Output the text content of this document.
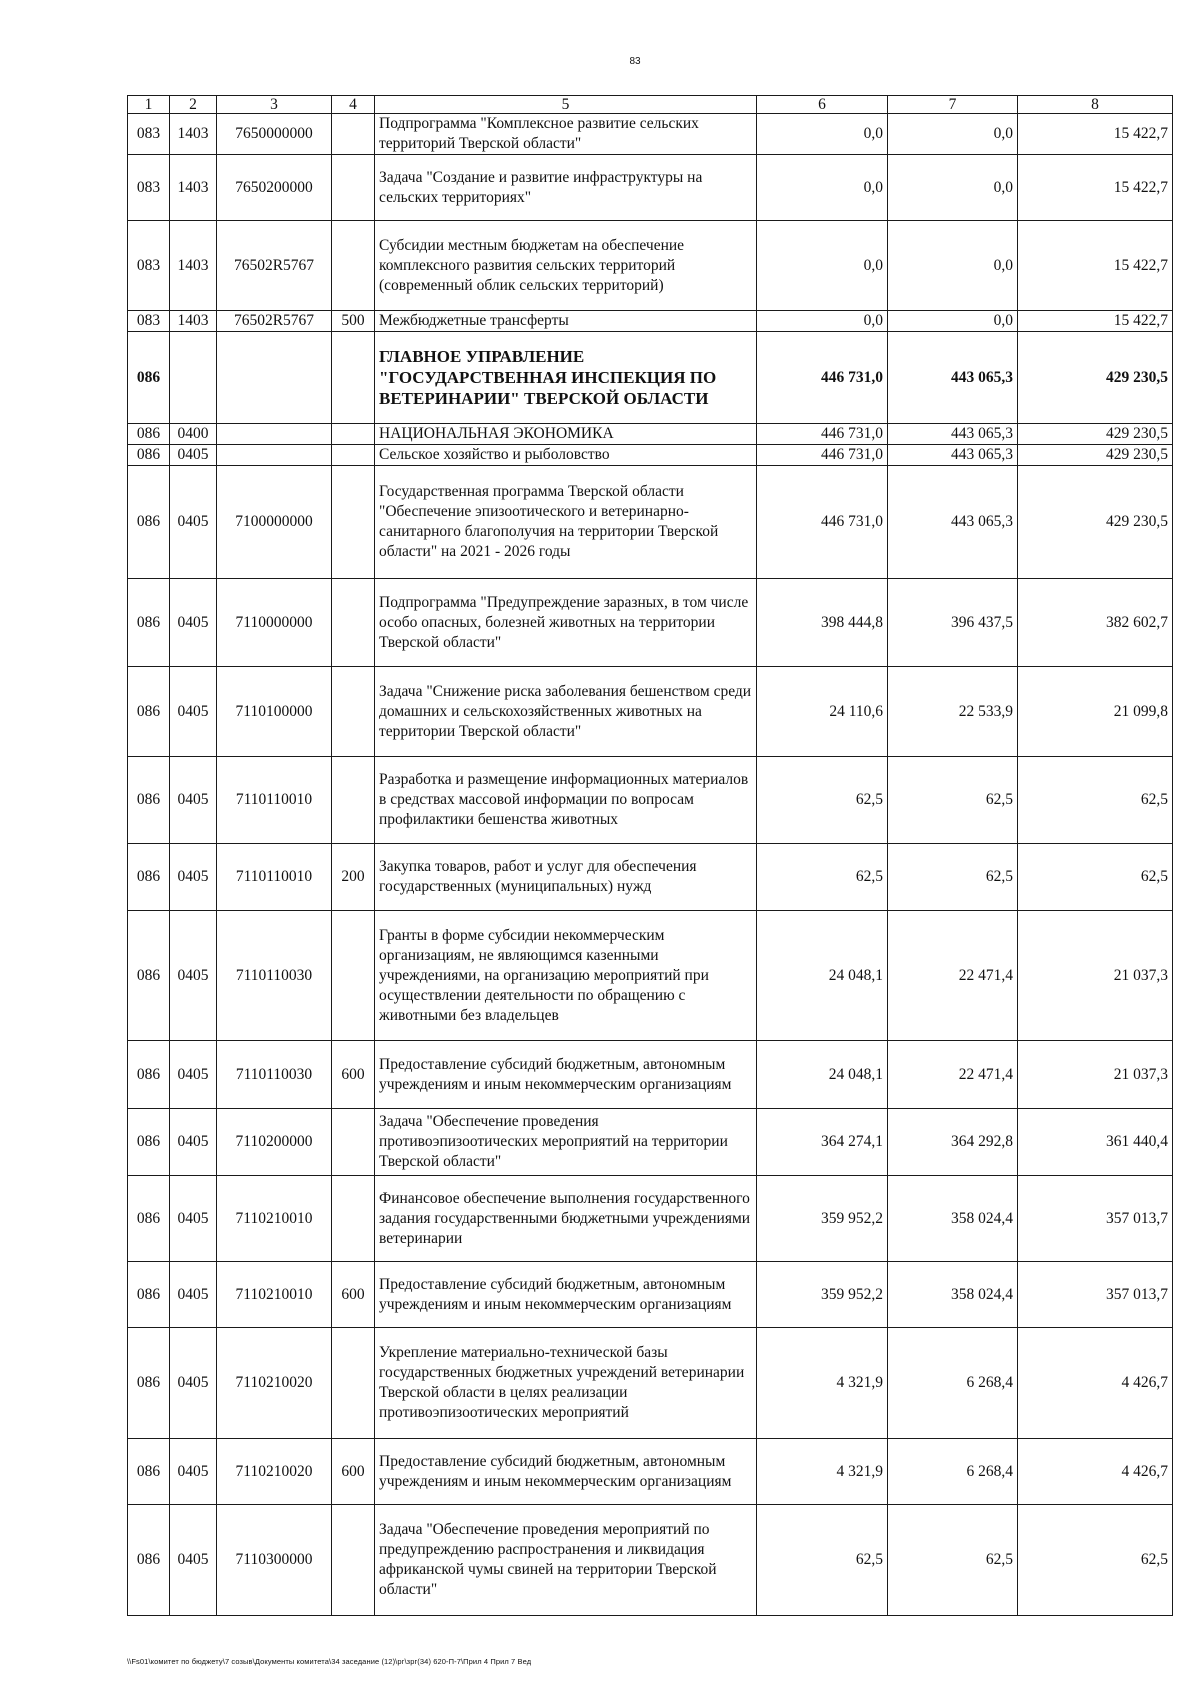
83
1	2	3	4	5	6	7	8
083	1403	7650000000		Подпрограмма "Комплексное развитие сельских территорий Тверской области"	0,0	0,0	15 422,7
083	1403	7650200000		Задача "Создание и развитие инфраструктуры на сельских территориях"	0,0	0,0	15 422,7
083	1403	76502R5767		Субсидии местным бюджетам на обеспечение комплексного развития сельских территорий (современный облик сельских территорий)	0,0	0,0	15 422,7
083	1403	76502R5767	500	Межбюджетные трансферты	0,0	0,0	15 422,7
086				ГЛАВНОЕ УПРАВЛЕНИЕ "ГОСУДАРСТВЕННАЯ ИНСПЕКЦИЯ ПО ВЕТЕРИНАРИИ" ТВЕРСКОЙ ОБЛАСТИ	446 731,0	443 065,3	429 230,5
086	0400			НАЦИОНАЛЬНАЯ ЭКОНОМИКА	446 731,0	443 065,3	429 230,5
086	0405			Сельское хозяйство и рыболовство	446 731,0	443 065,3	429 230,5
086	0405	7100000000		Государственная программа Тверской области "Обеспечение эпизоотического и ветеринарно-санитарного благополучия на территории Тверской области" на 2021 - 2026 годы	446 731,0	443 065,3	429 230,5
086	0405	7110000000		Подпрограмма "Предупреждение заразных, в том числе особо опасных, болезней животных на территории Тверской области"	398 444,8	396 437,5	382 602,7
086	0405	7110100000		Задача "Снижение риска заболевания бешенством среди домашних и сельскохозяйственных животных на территории Тверской области"	24 110,6	22 533,9	21 099,8
086	0405	7110110010		Разработка и размещение информационных материалов в средствах массовой информации по вопросам профилактики бешенства животных	62,5	62,5	62,5
086	0405	7110110010	200	Закупка товаров, работ и услуг для обеспечения государственных (муниципальных) нужд	62,5	62,5	62,5
086	0405	7110110030		Гранты в форме субсидии некоммерческим организациям, не являющимся казенными учреждениями, на организацию мероприятий при осуществлении деятельности по обращению с животными без владельцев	24 048,1	22 471,4	21 037,3
086	0405	7110110030	600	Предоставление субсидий бюджетным, автономным учреждениям и иным некоммерческим организациям	24 048,1	22 471,4	21 037,3
086	0405	7110200000		Задача "Обеспечение проведения противоэпизоотических мероприятий на территории Тверской области"	364 274,1	364 292,8	361 440,4
086	0405	7110210010		Финансовое обеспечение выполнения государственного задания государственными бюджетными учреждениями ветеринарии	359 952,2	358 024,4	357 013,7
086	0405	7110210010	600	Предоставление субсидий бюджетным, автономным учреждениям и иным некоммерческим организациям	359 952,2	358 024,4	357 013,7
086	0405	7110210020		Укрепление материально-технической базы государственных бюджетных учреждений ветеринарии Тверской области в целях реализации противоэпизоотических мероприятий	4 321,9	6 268,4	4 426,7
086	0405	7110210020	600	Предоставление субсидий бюджетным, автономным учреждениям и иным некоммерческим организациям	4 321,9	6 268,4	4 426,7
086	0405	7110300000		Задача "Обеспечение проведения мероприятий по предупреждению распространения и ликвидация африканской чумы свиней на территории Тверской области"	62,5	62,5	62,5
\\Fs01\комитет по бюджету\7 созыв\Документы комитета\34 заседание (12)\рг\зрг(34) 620-П-7\Прил 4 Прил 7 Вед
